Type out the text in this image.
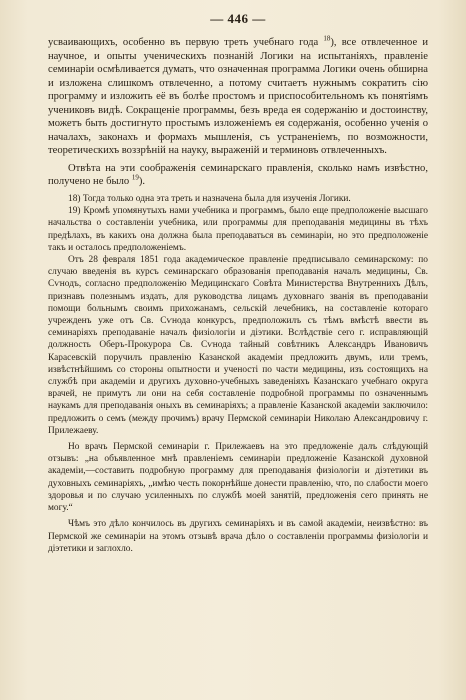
— 446 —

усвaивающихъ, особенно въ первую треть учебнаго года $^{18}$), все отвлеченное и научное, и опыты ученическихъ познаній Логики на испытаніяхъ, правленіе семинаріи осмѣливается думать, что означенная программа Логики очень обширна и изложена слишкомъ отвлеченно, а потому считаетъ нужнымъ сократить сію программу и изложить её въ болѣе простомъ и приспособительномъ къ понятіямъ учениковъ видѣ. Сокращеніе программы, безъ вреда ея содержанію и достоинству, можетъ быть достигнуто простымъ изложеніемъ ея содержанія, особенно ученія о началахъ, законахъ и формахъ мышленія, съ устраненіемъ, по возможности, теоретическихъ воззрѣній на науку, выраженій и терминовъ отвлеченныхъ.

Отвѣта на эти соображенія семинарскаго правленія, сколько намъ извѣстно, получено не было $^{19}$).

18) Тогда только одна эта треть и назначена была для изученія Логики.

19) Кромѣ упомянутыхъ нами учебника и программъ, было еще предположеніе высшаго начальства о составленіи учебника, или программы для преподаванія медицины въ тѣхъ предѣлахъ, въ какихъ она должна была преподаваться въ семинаріи, но это предположеніе такъ и осталось предположеніемъ.

Отъ 28 февраля 1851 года академическое правленіе предписывало семинарскому: по случаю введенія въ курсъ семинарскаго образованія преподаванія началъ медицины, Св. Сѵнодъ, согласно предположенію Медицинскаго Совѣта Министерства Внутреннихъ Дѣлъ, признавъ полезнымъ издать, для руководства лицамъ духовнаго званія въ преподаваніи помощи больнымъ своимъ прихожанамъ, сельскій лечебникъ, на составленіе котораго учрежденъ уже отъ Св. Сѵнода конкурсъ, предположилъ съ тѣмъ вмѣстѣ ввести въ семинаріяхъ преподаваніе началъ физіологіи и діэтики. Вслѣдствіе сего г. исправляющій должность Оберъ-Прокурора Св. Сѵнода тайный совѣтникъ Александръ Ивановичъ Карасевскій поручилъ правленію Казанской академіи предложить двумъ, или тремъ, извѣстнѣйшимъ со стороны опытности и ученості по части медицины, изъ состоящихъ на службѣ при академіи и другихъ духовно-учебныхъ заведеніяхъ Казанскаго учебнаго округа врачей, не примутъ ли они на себя составленіе подробной программы по означеннымъ наукамъ для преподаванія оныхъ въ семинаріяхъ; а правленіе Казанской академіи заключило: предложить о семъ (между прочимъ) врачу Пермской семинаріи Николаю Александровичу г. Прилежаеву.

Но врачъ Пермской семинаріи г. Прилежаевъ на это предложеніе далъ слѣдующій отзывъ: „на объявленное мнѣ правленіемъ семинаріи предложеніе Казанской духовной академіи,—составить подробную программу для преподаванія физіологіи и діэтетики въ духовныхъ семинаріяхъ, „имѣю честь покорнѣйше донести правленію, что, по слабости моего здоровья и по случаю усиленныхъ по службѣ моей занятій, предложенія сего принять не могу.“

Чѣмъ это дѣло кончилось въ другихъ семинаріяхъ и въ самой академіи, неизвѣстно: въ Пермской же семинаріи на этомъ отзывѣ врача дѣло о составленіи программы физіологіи и діэтетики и заглохло.
